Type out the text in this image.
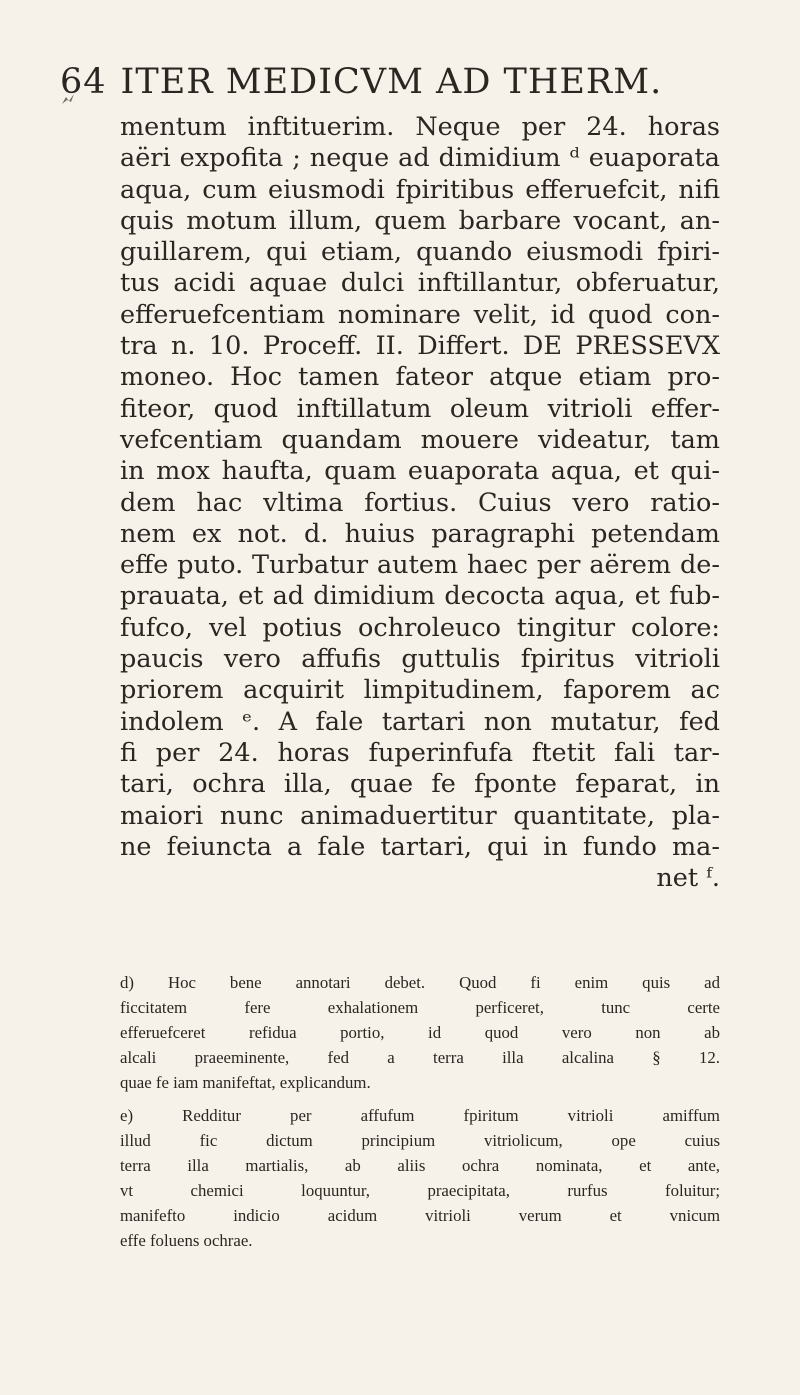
64 ITER MEDICVM AD THERM.
mentum inftituerim. Neque per 24. horas
aëri expofita ; neque ad dimidium ᵈ euaporata
aqua, cum eiusmodi fpiritibus efferuefcit, nifi
quis motum illum, quem barbare vocant, an-
guillarem, qui etiam, quando eiusmodi fpiri-
tus acidi aquae dulci inftillantur, obferuatur,
efferuefcentiam nominare velit, id quod con-
tra n. 10. Proceff. II. Differt. DE PRESSEVX
moneo. Hoc tamen fateor atque etiam pro-
fiteor, quod inftillatum oleum vitrioli effer-
vefcentiam quandam mouere videatur, tam
in mox haufta, quam euaporata aqua, et qui-
dem hac vltima fortius. Cuius vero ratio-
nem ex not. d. huius paragraphi petendam
effe puto. Turbatur autem haec per aërem de-
prauata, et ad dimidium decocta aqua, et fub-
fufco, vel potius ochroleuco tingitur colore:
paucis vero affufis guttulis fpiritus vitrioli
priorem acquirit limpitudinem, faporem ac
indolem ᵉ. A fale tartari non mutatur, fed
fi per 24. horas fuperinfufa ftetit fali tar-
tari, ochra illa, quae fe fponte feparat, in
maiori nunc animaduertitur quantitate, pla-
ne feiuncta a fale tartari, qui in fundo ma-
net ᶠ.
d) Hoc bene annotari debet. Quod fi enim quis ad
ficcitatem fere exhalationem perficeret, tunc certe
efferuefceret refidua portio, id quod vero non ab
alcali praeeminente, fed a terra illa alcalina § 12.
quae fe iam manifeftat, explicandum.
e) Redditur per affufum fpiritum vitrioli amiffum
illud fic dictum principium vitriolicum, ope cuius
terra illa martialis, ab aliis ochra nominata, et ante,
vt chemici loquuntur, praecipitata, rurfus foluitur;
manifefto indicio acidum vitrioli verum et vnicum
effe foluens ochrae.
